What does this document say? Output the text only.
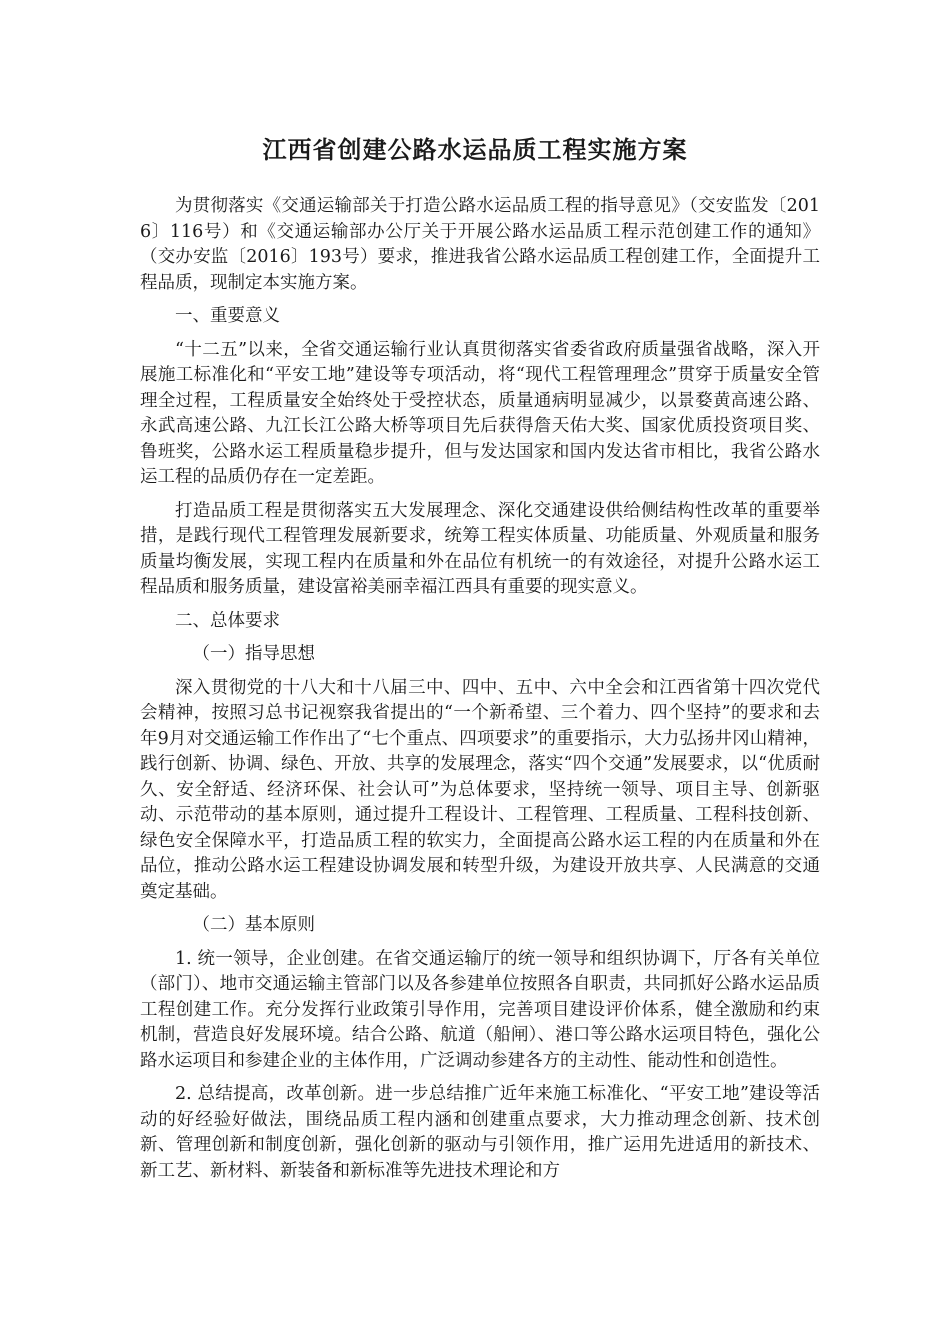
江西省创建公路水运品质工程实施方案

为贯彻落实《交通运输部关于打造公路水运品质工程的指导意见》（交安监发〔2016〕116号）和《交通运输部办公厅关于开展公路水运品质工程示范创建工作的通知》（交办安监〔2016〕193号）要求，推进我省公路水运品质工程创建工作，全面提升工程品质，现制定本实施方案。

一、重要意义

“十二五”以来，全省交通运输行业认真贯彻落实省委省政府质量强省战略，深入开展施工标准化和“平安工地”建设等专项活动，将“现代工程管理理念”贯穿于质量安全管理全过程，工程质量安全始终处于受控状态，质量通病明显减少，以景婺黄高速公路、永武高速公路、九江长江公路大桥等项目先后获得詹天佑大奖、国家优质投资项目奖、鲁班奖，公路水运工程质量稳步提升，但与发达国家和国内发达省市相比，我省公路水运工程的品质仍存在一定差距。

打造品质工程是贯彻落实五大发展理念、深化交通建设供给侧结构性改革的重要举措，是践行现代工程管理发展新要求，统筹工程实体质量、功能质量、外观质量和服务质量均衡发展，实现工程内在质量和外在品位有机统一的有效途径，对提升公路水运工程品质和服务质量，建设富裕美丽幸福江西具有重要的现实意义。

二、总体要求

（一）指导思想

深入贯彻党的十八大和十八届三中、四中、五中、六中全会和江西省第十四次党代会精神，按照习总书记视察我省提出的“一个新希望、三个着力、四个坚持”的要求和去年9月对交通运输工作作出了“七个重点、四项要求”的重要指示，大力弘扬井冈山精神，践行创新、协调、绿色、开放、共享的发展理念，落实“四个交通”发展要求，以“优质耐久、安全舒适、经济环保、社会认可”为总体要求，坚持统一领导、项目主导、创新驱动、示范带动的基本原则，通过提升工程设计、工程管理、工程质量、工程科技创新、绿色安全保障水平，打造品质工程的软实力，全面提高公路水运工程的内在质量和外在品位，推动公路水运工程建设协调发展和转型升级，为建设开放共享、人民满意的交通奠定基础。

（二）基本原则

1. 统一领导，企业创建。在省交通运输厅的统一领导和组织协调下，厅各有关单位（部门）、地市交通运输主管部门以及各参建单位按照各自职责，共同抓好公路水运品质工程创建工作。充分发挥行业政策引导作用，完善项目建设评价体系，健全激励和约束机制，营造良好发展环境。结合公路、航道（船闸）、港口等公路水运项目特色，强化公路水运项目和参建企业的主体作用，广泛调动参建各方的主动性、能动性和创造性。

2. 总结提高，改革创新。进一步总结推广近年来施工标准化、“平安工地”建设等活动的好经验好做法，围绕品质工程内涵和创建重点要求，大力推动理念创新、技术创新、管理创新和制度创新，强化创新的驱动与引领作用，推广运用先进适用的新技术、新工艺、新材料、新装备和新标准等先进技术理论和方
